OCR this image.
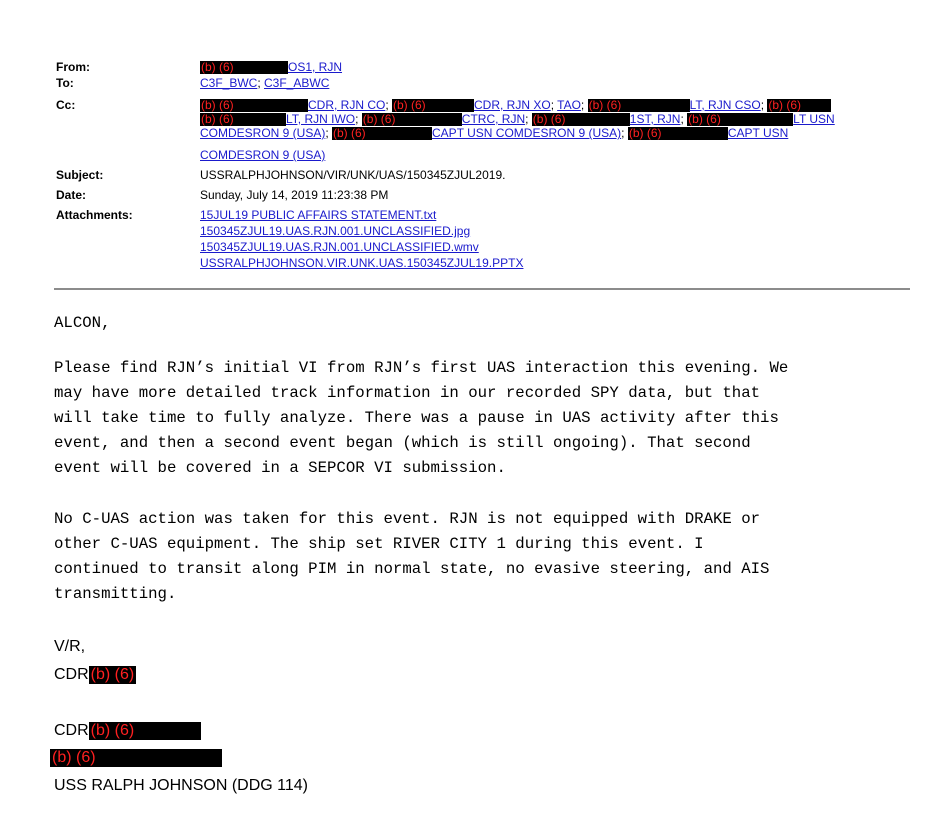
From:	(b) (6)	OS1, RJN
To:	C3F_BWC; C3F_ABWC
Cc:	(b) (6)	CDR, RJN CO; (b) (6)	CDR, RJN XO; TAO; (b) (6)	LT, RJN CSO; (b) (6)
(b) (6)	LT, RJN IWO; (b) (6)	CTRC, RJN; (b) (6)	1ST, RJN; (b) (6)	LT USN
COMDESRON 9 (USA); (b) (6)	CAPT USN COMDESRON 9 (USA); (b) (6)	CAPT USN
COMDESRON 9 (USA)
Subject:	USSRALPHJOHNSON/VIR/UNK/UAS/150345ZJUL2019.
Date:	Sunday, July 14, 2019 11:23:38 PM
Attachments:	15JUL19 PUBLIC AFFAIRS STATEMENT.txt
150345ZJUL19.UAS.RJN.001.UNCLASSIFIED.jpg
150345ZJUL19.UAS.RJN.001.UNCLASSIFIED.wmv
USSRALPHJOHNSON.VIR.UNK.UAS.150345ZJUL19.PPTX
ALCON,
Please find RJN’s initial VI from RJN’s first UAS interaction this evening. We
may have more detailed track information in our recorded SPY data, but that
will take time to fully analyze. There was a pause in UAS activity after this
event, and then a second event began (which is still ongoing). That second
event will be covered in a SEPCOR VI submission.
No C-UAS action was taken for this event. RJN is not equipped with DRAKE or
other C-UAS equipment. The ship set RIVER CITY 1 during this event. I
continued to transit along PIM in normal state, no evasive steering, and AIS
transmitting.
V/R,
CDR (b) (6)
CDR (b) (6)
(b) (6)
USS RALPH JOHNSON (DDG 114)
